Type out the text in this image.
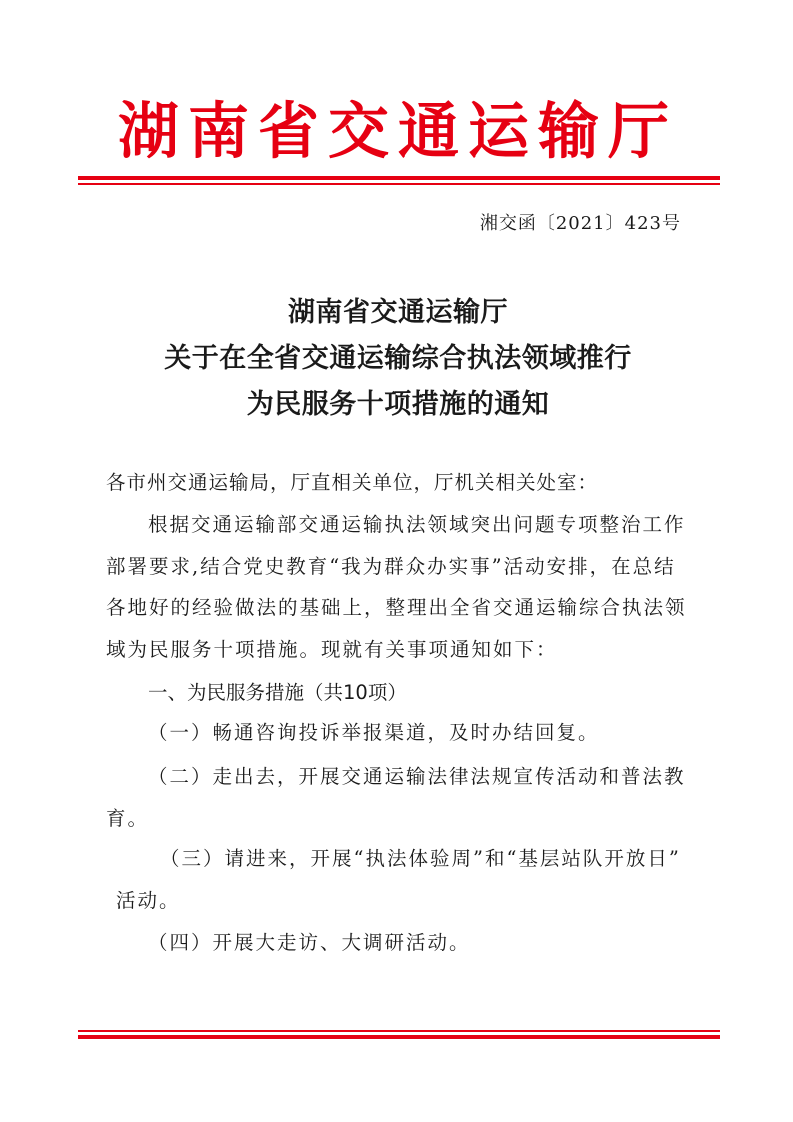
湖南省交通运输厅
湘交函〔2021〕423号
湖南省交通运输厅
关于在全省交通运输综合执法领域推行
为民服务十项措施的通知
各市州交通运输局，厅直相关单位，厅机关相关处室：
根据交通运输部交通运输执法领域突出问题专项整治工作
部署要求,结合党史教育“我为群众办实事”活动安排，在总结
各地好的经验做法的基础上，整理出全省交通运输综合执法领
域为民服务十项措施。现就有关事项通知如下：
一、为民服务措施（共10项）
（一）畅通咨询投诉举报渠道，及时办结回复。
（二）走出去，开展交通运输法律法规宣传活动和普法教
育。
（三）请进来，开展“执法体验周”和“基层站队开放日”
活动。
（四）开展大走访、大调研活动。
